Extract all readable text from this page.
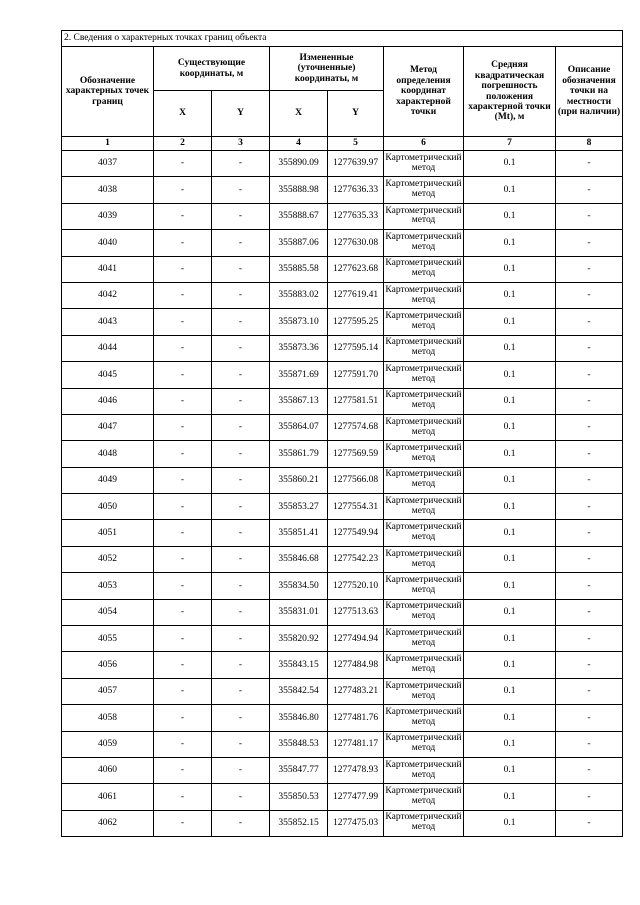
2. Сведения о характерных точках границ объекта							
Обозначение характерных точек границ	Существующие координаты, м		Измененные (уточненные) координаты, м		Метод определения координат характерной точки	Средняя квадратическая погрешность положения характерной точки (Mt), м	Описание обозначения точки на местности (при наличии)
	X	Y	X	Y			
1	2	3	4	5	6	7	8
4037	-	-	355890.09	1277639.97	Картометрический метод	0.1	-
4038	-	-	355888.98	1277636.33	Картометрический метод	0.1	-
4039	-	-	355888.67	1277635.33	Картометрический метод	0.1	-
4040	-	-	355887.06	1277630.08	Картометрический метод	0.1	-
4041	-	-	355885.58	1277623.68	Картометрический метод	0.1	-
4042	-	-	355883.02	1277619.41	Картометрический метод	0.1	-
4043	-	-	355873.10	1277595.25	Картометрический метод	0.1	-
4044	-	-	355873.36	1277595.14	Картометрический метод	0.1	-
4045	-	-	355871.69	1277591.70	Картометрический метод	0.1	-
4046	-	-	355867.13	1277581.51	Картометрический метод	0.1	-
4047	-	-	355864.07	1277574.68	Картометрический метод	0.1	-
4048	-	-	355861.79	1277569.59	Картометрический метод	0.1	-
4049	-	-	355860.21	1277566.08	Картометрический метод	0.1	-
4050	-	-	355853.27	1277554.31	Картометрический метод	0.1	-
4051	-	-	355851.41	1277549.94	Картометрический метод	0.1	-
4052	-	-	355846.68	1277542.23	Картометрический метод	0.1	-
4053	-	-	355834.50	1277520.10	Картометрический метод	0.1	-
4054	-	-	355831.01	1277513.63	Картометрический метод	0.1	-
4055	-	-	355820.92	1277494.94	Картометрический метод	0.1	-
4056	-	-	355843.15	1277484.98	Картометрический метод	0.1	-
4057	-	-	355842.54	1277483.21	Картометрический метод	0.1	-
4058	-	-	355846.80	1277481.76	Картометрический метод	0.1	-
4059	-	-	355848.53	1277481.17	Картометрический метод	0.1	-
4060	-	-	355847.77	1277478.93	Картометрический метод	0.1	-
4061	-	-	355850.53	1277477.99	Картометрический метод	0.1	-
4062	-	-	355852.15	1277475.03	Картометрический метод	0.1	-
